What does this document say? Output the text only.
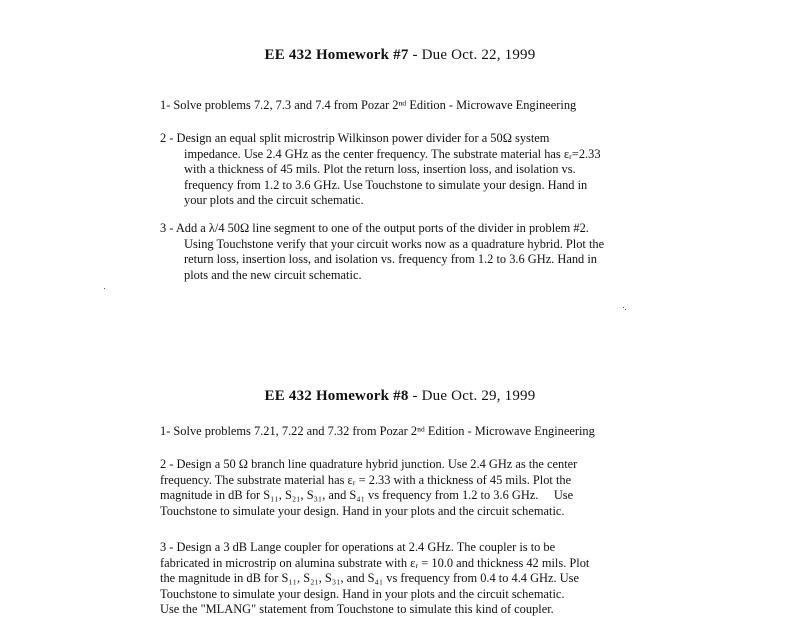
EE 432 Homework #7 - Due Oct. 22, 1999
1- Solve problems 7.2, 7.3 and 7.4 from Pozar 2ⁿᵈ Edition - Microwave Engineering
2 - Design an equal split microstrip Wilkinson power divider for a 50Ω system
impedance. Use 2.4 GHz as the center frequency. The substrate material has εᵣ=2.33
with a thickness of 45 mils. Plot the return loss, insertion loss, and isolation vs.
frequency from 1.2 to 3.6 GHz. Use Touchstone to simulate your design. Hand in
your plots and the circuit schematic.
3 - Add a λ/4 50Ω line segment to one of the output ports of the divider in problem #2.
Using Touchstone verify that your circuit works now as a quadrature hybrid. Plot the
return loss, insertion loss, and isolation vs. frequency from 1.2 to 3.6 GHz. Hand in
plots and the new circuit schematic.
EE 432 Homework #8 - Due Oct. 29, 1999
1- Solve problems 7.21, 7.22 and 7.32 from Pozar 2ⁿᵈ Edition - Microwave Engineering
2 - Design a 50 Ω branch line quadrature hybrid junction. Use 2.4 GHz as the center
frequency. The substrate material has εᵣ = 2.33 with a thickness of 45 mils. Plot the
magnitude in dB for S₁₁, S₂₁, S₃₁, and S₄₁ vs frequency from 1.2 to 3.6 GHz.     Use
Touchstone to simulate your design. Hand in your plots and the circuit schematic.
3 - Design a 3 dB Lange coupler for operations at 2.4 GHz. The coupler is to be
fabricated in microstrip on alumina substrate with εᵣ = 10.0 and thickness 42 mils. Plot
the magnitude in dB for S₁₁, S₂₁, S₃₁, and S₄₁ vs frequency from 0.4 to 4.4 GHz. Use
Touchstone to simulate your design. Hand in your plots and the circuit schematic.
Use the "MLANG" statement from Touchstone to simulate this kind of coupler.
